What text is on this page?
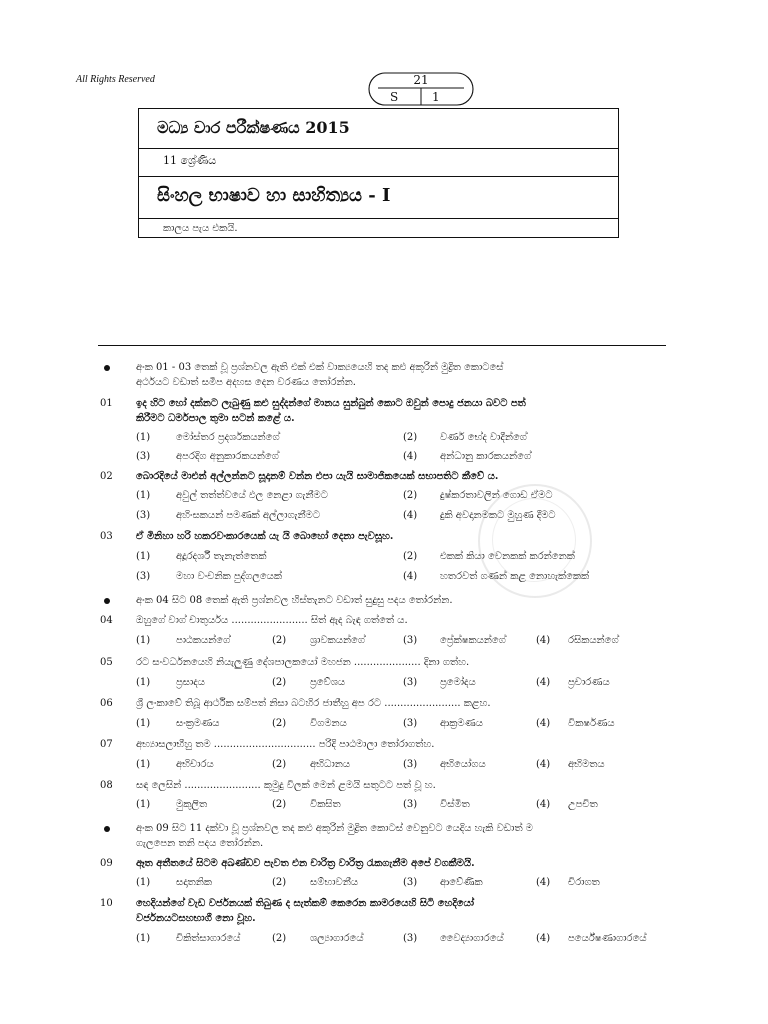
All Rights Reserved
මධ්‍ය වාර පරීක්ෂණය 2015
11 ශ්‍රේණිය
සිංහල භාෂාව හා සාහිත්‍යය - I
කාලය පැය එකයි.
21
S	1
අංක 01 - 03 තෙක් වූ ප්‍රශ්නවල ඇති එක් එක් වාක්‍යයෙහි තද කළු අකුරින් මුද්‍රිත කොටසේ
අර්ථයට වඩාත් සමීප අදහස දෙන වරණය තෝරන්න.
01 ඉද හිට හෝ දක්නට ලැබුණු කළු සුද්දන්ගේ මානය සුන්බුන් කොට ඔවුන් පොදු ජනයා බවට පත්
කිරීමට ධර්මපාල තුමා සටන් කළේ ය.
(1)	මෝස්තර ප්‍රදර්ශකයන්ගේ	(2) වර්ණ භේද වාදීන්ගේ
(3)	අපරදිග අනුකාරකයන්ගේ	(4) අන්ධානු කාරකයන්ගේ
02 බොරදියේ මාළුන් අල්ලන්නට සූදානම් වන්න එපා යැයි සාමාජිකයෙක් සභාපතිට කීවේ ය.
(1)	අවුල් තත්ත්වයේ ඵල නෙළා ගැනීමට	(2) දුෂ්කරතාවලින් ගොඩ ඒමට
(3)	අහිංසකයන් පමණක් අල්ලාගැනීමට	(4) දුකි අවදානමකට මුහුණ දීමට
03 ඒ මිනිහා හරි හකරවංකාරයෙක් යැ යි බොහෝ දෙනා පැවසූහ.
(1)	අදූරදර්ශී තැනැත්තෙක්	(2) එකක් කියා වෙනකක් කරන්නෙක්
(3)	මහා වංචනික පුද්ගලයෙක්	(4) හතරවත් ගණන් කළ නොහැක්කෙක්
අංක 04 සිට 08 තෙක් ඇති ප්‍රශ්නවල හිස්තැනට වඩාත් සුදුසු පදය තෝරන්න.
04 ඔහුගේ වාග් චාතුර්යය ........................ සිත් ඇද බැඳ ගත්තේ ය.
(1)	පාඨකයන්ගේ	(2) ශ්‍රාවකයන්ගේ	(3) ප්‍රේක්ෂකයන්ගේ	(4) රසිකයන්ගේ
05 රට සංවර්ධනයෙහි නියැලුණු දේශපාලකයෝ මහජන ..................... දිනා ගත්හ.
(1)	ප්‍රසාදය	(2) ප්‍රවේශය	(3) ප්‍රමෝදය	(4) ප්‍රචාරණය
06 ශ්‍රී ලංකාවේ තිබූ ආර්ථික සම්පත් නිසා බටහිර ජාතීහු අප රට ........................ කළහ.
(1)	සංක්‍රමණය	(2) විගමනය	(3) ආක්‍රමණය	(4) විකර්ෂණය
07 අභ්‍යාසලාභීහු තම ................................ පරිදි පාඨමාලා තෝරාගත්හ.
(1)	අභිචාරය	(2) අභිධානය	(3) අභියෝගය	(4) අභිමතය
08 සඳ ලෙසින් ........................ කුමුදු විලක් මෙන් ළමයි සතුටට පත් වූ හ.
(1)	මුකුලිත	(2) විකසිත	(3) විස්මිත	(4) උපචිත
අංක 09 සිට 11 දක්වා වූ ප්‍රශ්නවල තද කළු අකුරින් මුද්‍රිත කොටස් වෙනුවට යෙදිය හැකි වඩාත් ම
ගැලපෙන තනි පදය තෝරන්න.
09 ඈත අතීතයේ සිටම අඛණ්ඩව පැවත එන චාරිත්‍ර වාරිත්‍ර රැකගැනීම අපේ වගකීමයි.
(1)	සදාතනික	(2) සම්භාවනීය	(3) ආවේණික	(4) චිරාගත
10 හෙදියන්ගේ වැඩ වර්ජනයක් තිබුණ ද සැත්කම් කෙරෙන කාමරයෙහි සිටි හෙදියෝ
වර්ජනයටසහභාගී නො වූහ.
(1)	චිකිත්සාගාරයේ	(2) ශල්‍යාගාරයේ	(3) වෛද්‍යාගාරයේ	(4) පර්යේෂණාගාරයේ
